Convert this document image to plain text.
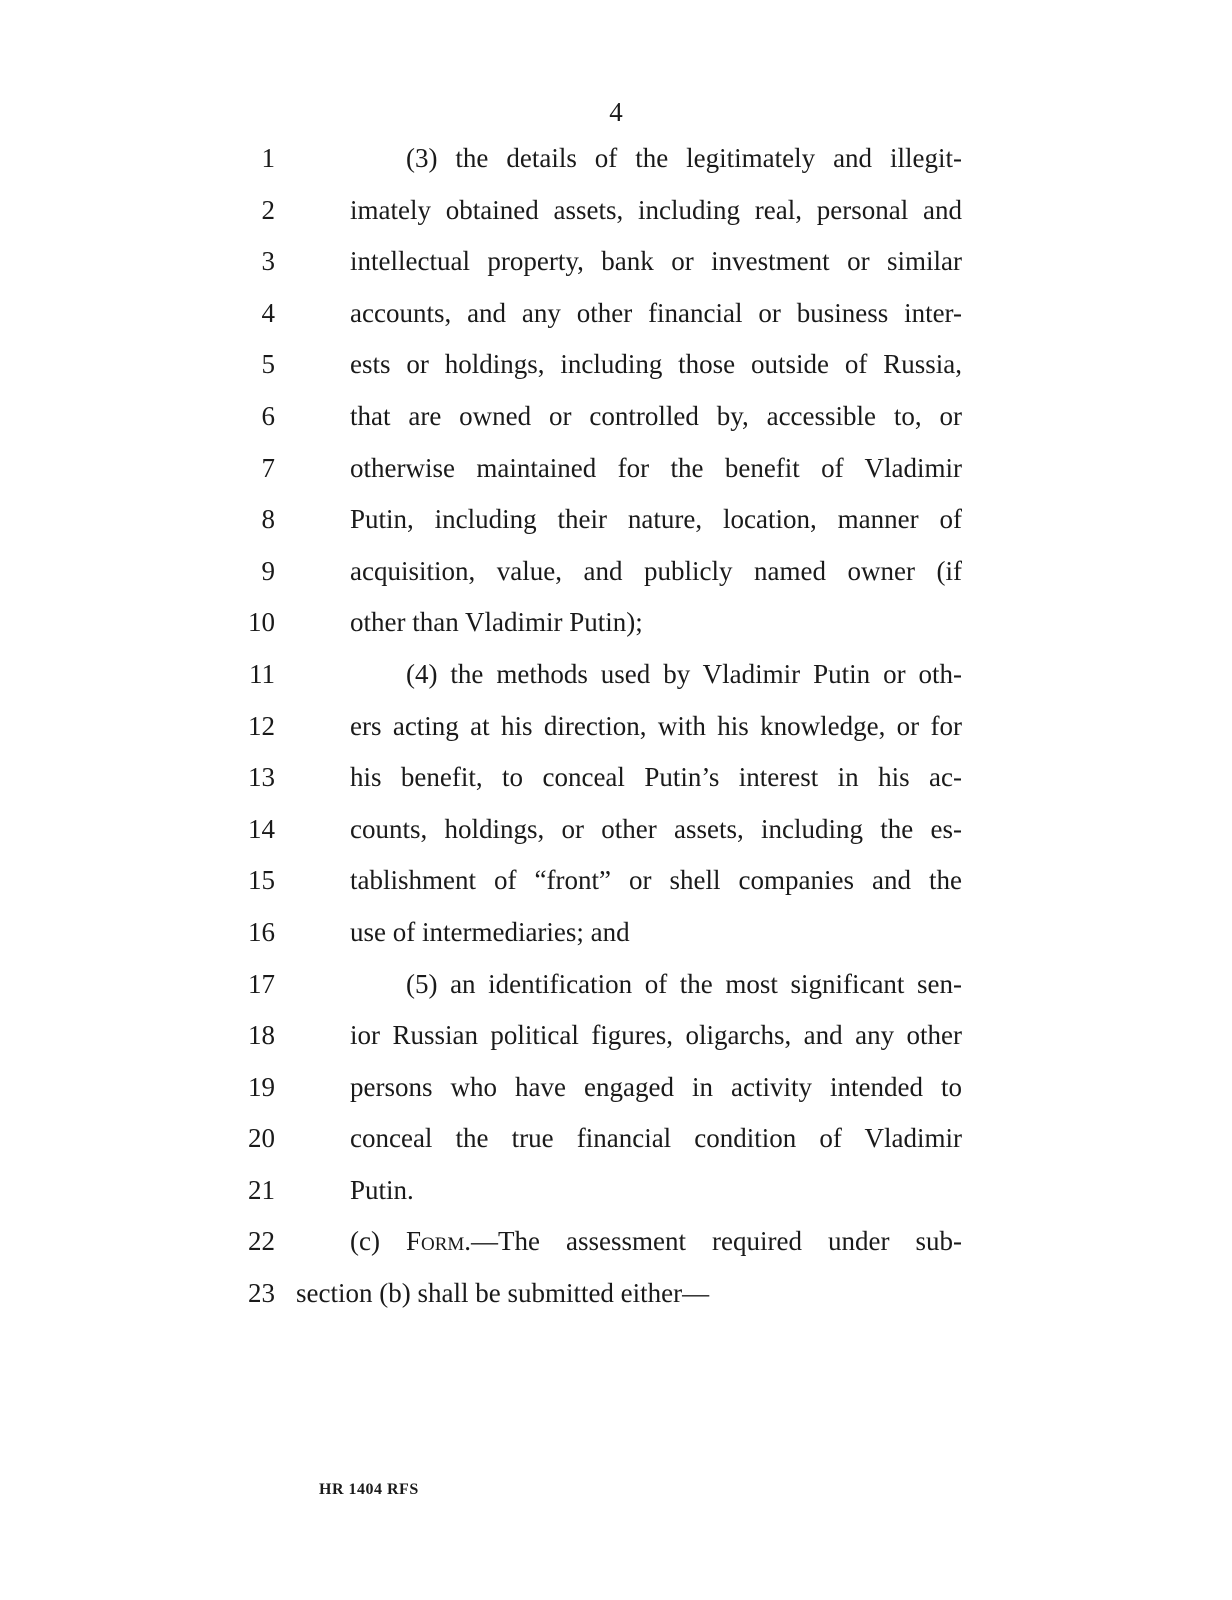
4
1	(3) the details of the legitimately and illegit-
2	imately obtained assets, including real, personal and
3	intellectual property, bank or investment or similar
4	accounts, and any other financial or business inter-
5	ests or holdings, including those outside of Russia,
6	that are owned or controlled by, accessible to, or
7	otherwise maintained for the benefit of Vladimir
8	Putin, including their nature, location, manner of
9	acquisition, value, and publicly named owner (if
10	other than Vladimir Putin);
11	(4) the methods used by Vladimir Putin or oth-
12	ers acting at his direction, with his knowledge, or for
13	his benefit, to conceal Putin’s interest in his ac-
14	counts, holdings, or other assets, including the es-
15	tablishment of “front” or shell companies and the
16	use of intermediaries; and
17	(5) an identification of the most significant sen-
18	ior Russian political figures, oligarchs, and any other
19	persons who have engaged in activity intended to
20	conceal the true financial condition of Vladimir
21	Putin.
22	(c) Form.—The assessment required under sub-
23 section (b) shall be submitted either—
HR 1404 RFS
